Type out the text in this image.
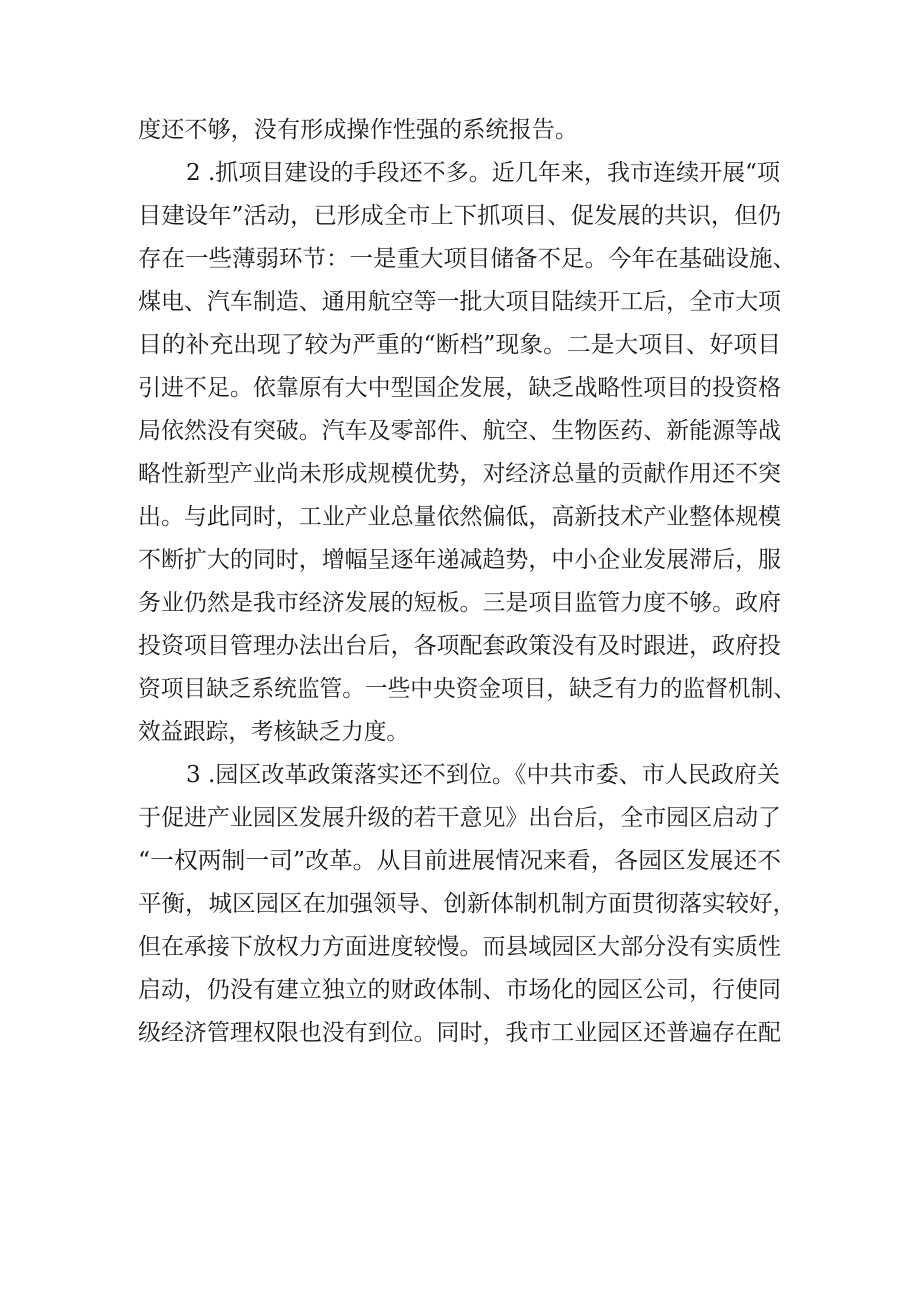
度还不够，没有形成操作性强的系统报告。
2 .抓项目建设的手段还不多。近几年来，我市连续开展“项
目建设年”活动，已形成全市上下抓项目、促发展的共识，但仍
存在一些薄弱环节：一是重大项目储备不足。今年在基础设施、
煤电、汽车制造、通用航空等一批大项目陆续开工后，全市大项
目的补充出现了较为严重的“断档”现象。二是大项目、好项目
引进不足。依靠原有大中型国企发展，缺乏战略性项目的投资格
局依然没有突破。汽车及零部件、航空、生物医药、新能源等战
略性新型产业尚未形成规模优势，对经济总量的贡献作用还不突
出。与此同时，工业产业总量依然偏低，高新技术产业整体规模
不断扩大的同时，增幅呈逐年递减趋势，中小企业发展滞后，服
务业仍然是我市经济发展的短板。三是项目监管力度不够。政府
投资项目管理办法出台后，各项配套政策没有及时跟进，政府投
资项目缺乏系统监管。一些中央资金项目，缺乏有力的监督机制、
效益跟踪，考核缺乏力度。
3 .园区改革政策落实还不到位。《中共市委、市人民政府关
于促进产业园区发展升级的若干意见》出台后，全市园区启动了
“一权两制一司”改革。从目前进展情况来看，各园区发展还不
平衡，城区园区在加强领导、创新体制机制方面贯彻落实较好，
但在承接下放权力方面进度较慢。而县域园区大部分没有实质性
启动，仍没有建立独立的财政体制、市场化的园区公司，行使同
级经济管理权限也没有到位。同时，我市工业园区还普遍存在配
